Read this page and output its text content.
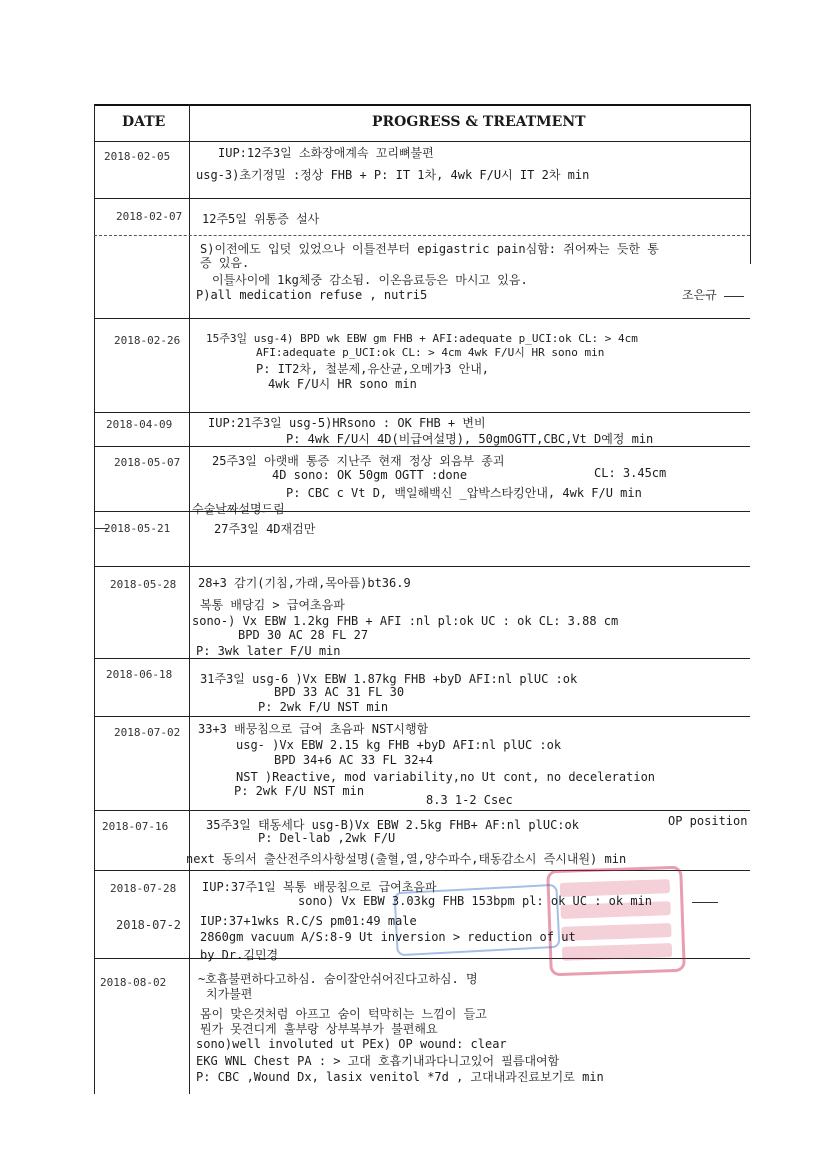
DATE	PROGRESS & TREATMENT
2018-02-05	IUP:12주3일 소화장애계속 꼬리뼈불편
usg-3)초기정밀 :정상 FHB + P: IT 1차, 4wk F/U시 IT 2차 min
2018-02-07 12주5일 위통증 설사
S)이전에도 입덧 있었으나 이틀전부터 epigastric pain심함: 쥐어짜는 듯한 통
증 있음.
이틀사이에 1kg체중 감소됨. 이온음료등은 마시고 있음.
P)all medication refuse , nutri5	조은규
2018-02-26 15주3일 usg-4) BPD wk EBW gm FHB + AFI:adequate p_UCI:ok CL: > 4cm
AFI:adequate p_UCI:ok CL: > 4cm 4wk F/U시 HR sono min
P: IT2차, 철분제,유산균,오메가3 안내,
4wk F/U시 HR sono min
2018-04-09	IUP:21주3일 usg-5)HRsono : OK FHB + 변비
P: 4wk F/U시 4D(비급여설명), 50gmOGTT,CBC,Vt D예정 min
2018-05-07	25주3일 아랫배 통증 지난주 현재 정상 외음부 종괴
4D sono: OK 50gm OGTT :done	CL: 3.45cm
P: CBC c Vt D, 백일해백신 _압박스타킹안내, 4wk F/U min
수술날짜설명드림
2018-05-21	27주3일 4D재검만
2018-05-28 28+3 감기(기침,가래,목아픔)bt36.9
복통 배당김 > 급여초음파
sono-) Vx EBW 1.2kg FHB + AFI :nl pl:ok UC : ok CL: 3.88 cm
BPD 30 AC 28 FL 27
P: 3wk later F/U min
2018-06-18 31주3일 usg-6 )Vx EBW 1.87kg FHB +byD AFI:nl plUC :ok
BPD 33 AC 31 FL 30
P: 2wk F/U NST min
2018-07-02 33+3 배뭉침으로 급여 초음파 NST시행함
usg- )Vx EBW 2.15 kg FHB +byD AFI:nl plUC :ok
BPD 34+6 AC 33 FL 32+4
NST )Reactive, mod variability,no Ut cont, no deceleration
P: 2wk F/U NST min
8.3 1-2 Csec
2018-07-16	35주3일 태동세다 usg-B)Vx EBW 2.5kg FHB+ AF:nl plUC:ok	OP position
P: Del-lab ,2wk F/U
next 동의서 출산전주의사항설명(출혈,열,양수파수,태동감소시 즉시내원) min
2018-07-28 IUP:37주1일 복통 배뭉침으로 급여초음파
sono) Vx EBW 3.03kg FHB 153bpm pl: ok UC : ok min
2018-07-2 IUP:37+1wks R.C/S pm01:49 male
2860gm vacuum A/S:8-9 Ut inversion > reduction of ut
by Dr.김민경
2018-08-02	~호흡불편하다고하심. 숨이잘안쉬어진다고하심. 명
치가불편
몸이 맞은것처럼 아프고 숨이 턱막히는 느낌이 들고
뭔가 못견디게 훌부랑 상부복부가 불편해요
sono)well involuted ut PEx) OP wound: clear
EKG WNL Chest PA : > 고대 호흡기내과다니고있어 필름대여함
P: CBC ,Wound Dx, lasix venitol *7d , 고대내과진료보기로 min
